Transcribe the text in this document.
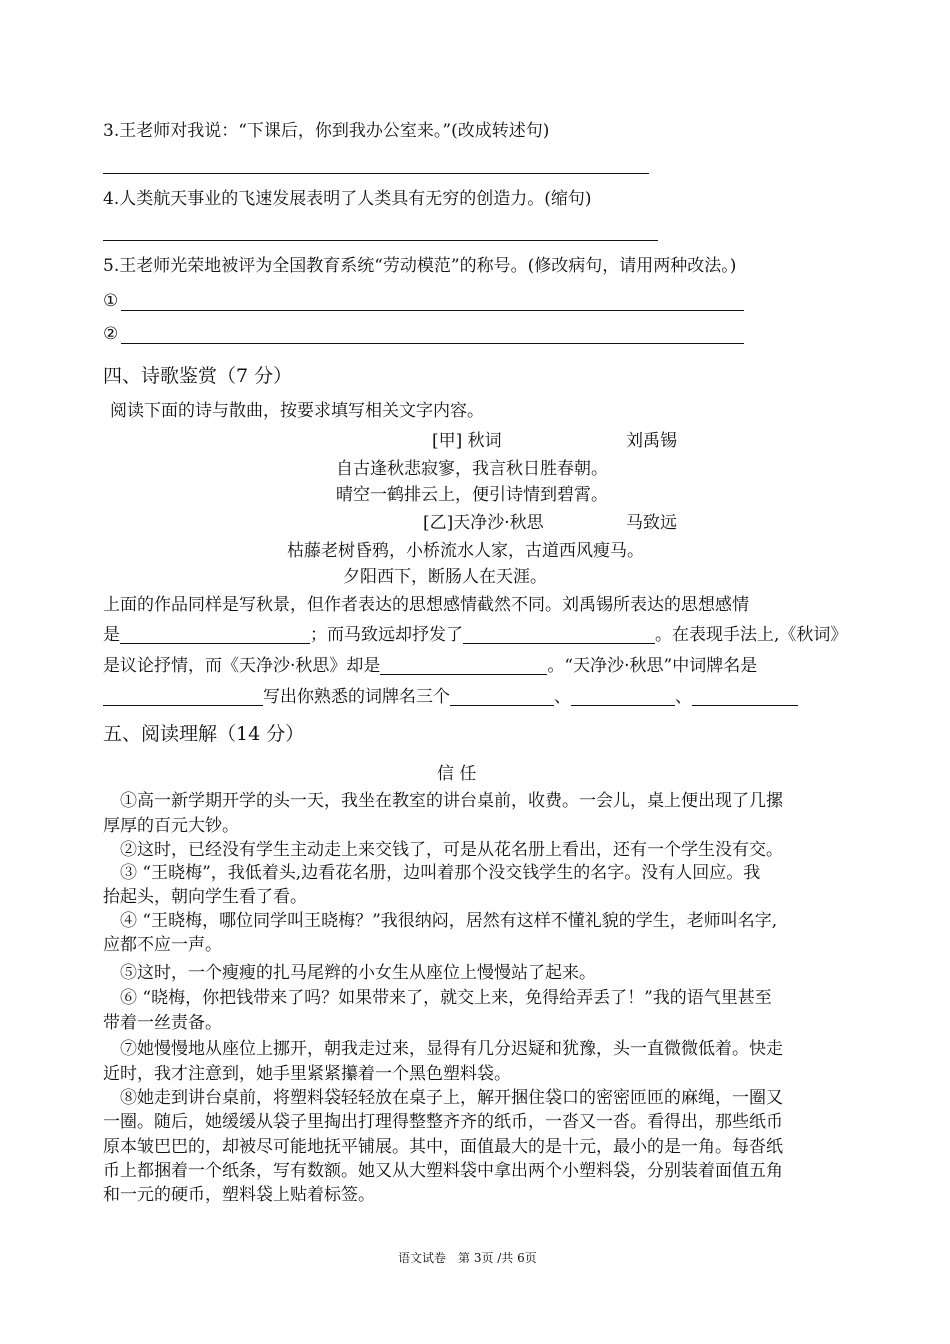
3.王老师对我说：“下课后，你到我办公室来。”(改成转述句)
4.人类航天事业的飞速发展表明了人类具有无穷的创造力。(缩句)
5.王老师光荣地被评为全国教育系统“劳动模范”的称号。(修改病句，请用两种改法。)
①
②
四、诗歌鉴赏（7 分）
阅读下面的诗与散曲，按要求填写相关文字内容。
[甲] 秋词	刘禹锡
自古逢秋悲寂寥，我言秋日胜春朝。
晴空一鹤排云上，便引诗情到碧霄。
[乙]天净沙·秋思	马致远
枯藤老树昏鸦，小桥流水人家，古道西风瘦马。
夕阳西下，断肠人在天涯。
上面的作品同样是写秋景，但作者表达的思想感情截然不同。刘禹锡所表达的思想感情
是	；而马致远却抒发了	。在表现手法上,《秋词》
是议论抒情，而《天净沙·秋思》却是	。“天净沙·秋思”中词牌名是
写出你熟悉的词牌名三个	、	、
五、阅读理解（14 分）
信 任
①高一新学期开学的头一天，我坐在教室的讲台桌前，收费。一会儿，桌上便出现了几摞
厚厚的百元大钞。
②这时，已经没有学生主动走上来交钱了，可是从花名册上看出，还有一个学生没有交。
③ “王晓梅”，我低着头,边看花名册，边叫着那个没交钱学生的名字。没有人回应。我
抬起头，朝向学生看了看。
④ “王晓梅，哪位同学叫王晓梅？”我很纳闷，居然有这样不懂礼貌的学生，老师叫名字,
应都不应一声。
⑤这时，一个瘦瘦的扎马尾辫的小女生从座位上慢慢站了起来。
⑥ “晓梅，你把钱带来了吗？如果带来了，就交上来，免得给弄丢了！”我的语气里甚至
带着一丝责备。
⑦她慢慢地从座位上挪开，朝我走过来，显得有几分迟疑和犹豫，头一直微微低着。快走
近时，我才注意到，她手里紧紧攥着一个黑色塑料袋。
⑧她走到讲台桌前，将塑料袋轻轻放在桌子上，解开捆住袋口的密密匝匝的麻绳，一圈又
一圈。随后，她缓缓从袋子里掏出打理得整整齐齐的纸币，一沓又一沓。看得出，那些纸币
原本皱巴巴的，却被尽可能地抚平铺展。其中，面值最大的是十元，最小的是一角。每沓纸
币上都捆着一个纸条，写有数额。她又从大塑料袋中拿出两个小塑料袋，分别装着面值五角
和一元的硬币，塑料袋上贴着标签。
语文试卷　第 3页 /共 6页
